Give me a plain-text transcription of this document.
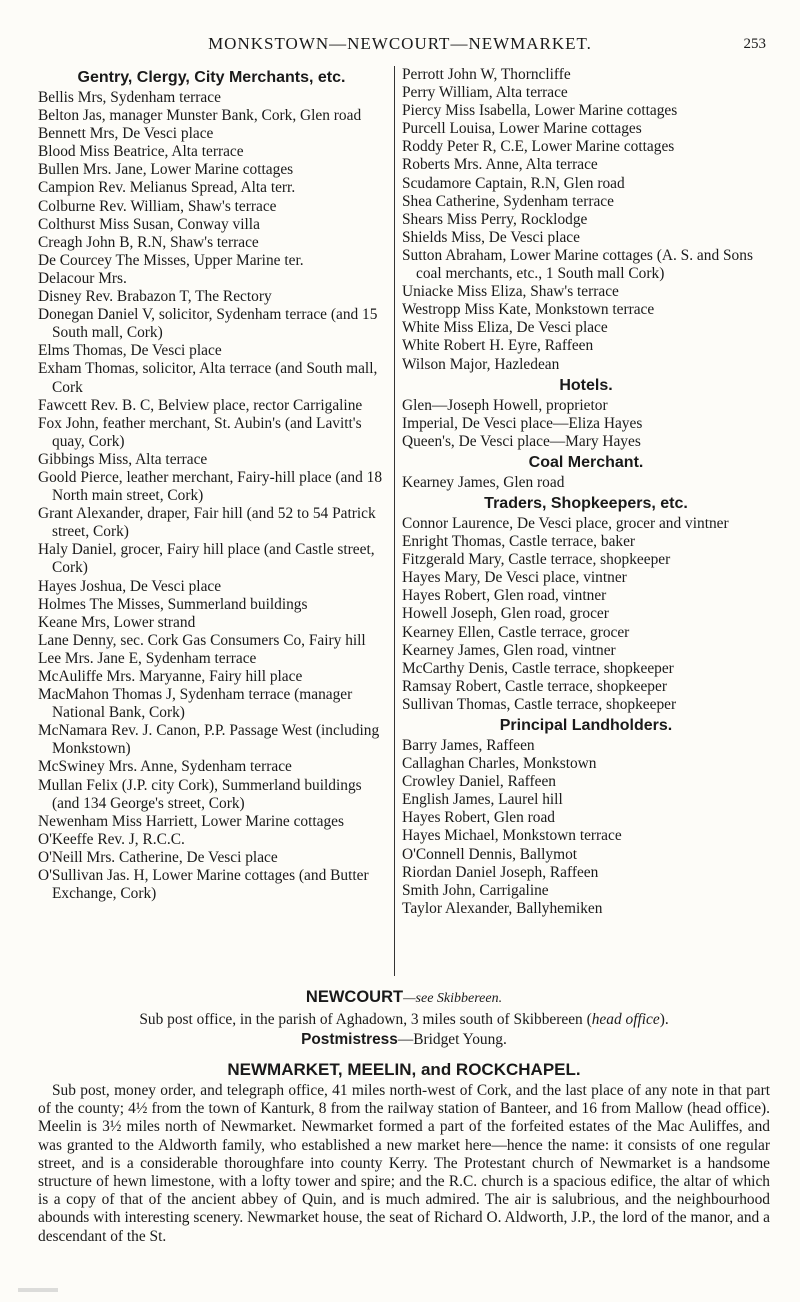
MONKSTOWN—NEWCOURT—NEWMARKET.	253
Gentry, Clergy, City Merchants, etc.
Bellis Mrs, Sydenham terrace
Belton Jas, manager Munster Bank, Cork, Glen road
Bennett Mrs, De Vesci place
Blood Miss Beatrice, Alta terrace
Bullen Mrs. Jane, Lower Marine cottages
Campion Rev. Melianus Spread, Alta terr.
Colburne Rev. William, Shaw's terrace
Colthurst Miss Susan, Conway villa
Creagh John B, R.N, Shaw's terrace
De Courcey The Misses, Upper Marine ter.
Delacour Mrs.
Disney Rev. Brabazon T, The Rectory
Donegan Daniel V, solicitor, Sydenham terrace (and 15 South mall, Cork)
Elms Thomas, De Vesci place
Exham Thomas, solicitor, Alta terrace (and South mall, Cork
Fawcett Rev. B. C, Belview place, rector Carrigaline
Fox John, feather merchant, St. Aubin's (and Lavitt's quay, Cork)
Gibbings Miss, Alta terrace
Goold Pierce, leather merchant, Fairy-hill place (and 18 North main street, Cork)
Grant Alexander, draper, Fair hill (and 52 to 54 Patrick street, Cork)
Haly Daniel, grocer, Fairy hill place (and Castle street, Cork)
Hayes Joshua, De Vesci place
Holmes The Misses, Summerland buildings
Keane Mrs, Lower strand
Lane Denny, sec. Cork Gas Consumers Co, Fairy hill
Lee Mrs. Jane E, Sydenham terrace
McAuliffe Mrs. Maryanne, Fairy hill place
MacMahon Thomas J, Sydenham terrace (manager National Bank, Cork)
McNamara Rev. J. Canon, P.P. Passage West (including Monkstown)
McSwiney Mrs. Anne, Sydenham terrace
Mullan Felix (J.P. city Cork), Summerland buildings (and 134 George's street, Cork)
Newenham Miss Harriett, Lower Marine cottages
O'Keeffe Rev. J, R.C.C.
O'Neill Mrs. Catherine, De Vesci place
O'Sullivan Jas. H, Lower Marine cottages (and Butter Exchange, Cork)
Perrott John W, Thorncliffe
Perry William, Alta terrace
Piercy Miss Isabella, Lower Marine cottages
Purcell Louisa, Lower Marine cottages
Roddy Peter R, C.E, Lower Marine cottages
Roberts Mrs. Anne, Alta terrace
Scudamore Captain, R.N, Glen road
Shea Catherine, Sydenham terrace
Shears Miss Perry, Rocklodge
Shields Miss, De Vesci place
Sutton Abraham, Lower Marine cottages (A. S. and Sons coal merchants, etc., 1 South mall Cork)
Uniacke Miss Eliza, Shaw's terrace
Westropp Miss Kate, Monkstown terrace
White Miss Eliza, De Vesci place
White Robert H. Eyre, Raffeen
Wilson Major, Hazledean
Hotels.
Glen—Joseph Howell, proprietor
Imperial, De Vesci place—Eliza Hayes
Queen's, De Vesci place—Mary Hayes
Coal Merchant.
Kearney James, Glen road
Traders, Shopkeepers, etc.
Connor Laurence, De Vesci place, grocer and vintner
Enright Thomas, Castle terrace, baker
Fitzgerald Mary, Castle terrace, shopkeeper
Hayes Mary, De Vesci place, vintner
Hayes Robert, Glen road, vintner
Howell Joseph, Glen road, grocer
Kearney Ellen, Castle terrace, grocer
Kearney James, Glen road, vintner
McCarthy Denis, Castle terrace, shopkeeper
Ramsay Robert, Castle terrace, shopkeeper
Sullivan Thomas, Castle terrace, shopkeeper
Principal Landholders.
Barry James, Raffeen
Callaghan Charles, Monkstown
Crowley Daniel, Raffeen
English James, Laurel hill
Hayes Robert, Glen road
Hayes Michael, Monkstown terrace
O'Connell Dennis, Ballymot
Riordan Daniel Joseph, Raffeen
Smith John, Carrigaline
Taylor Alexander, Ballyhemiken
NEWCOURT—see Skibbereen.
Sub post office, in the parish of Aghadown, 3 miles south of Skibbereen (head office).
Postmistress—Bridget Young.
NEWMARKET, MEELIN, and ROCKCHAPEL.

Sub post, money order, and telegraph office, 41 miles north-west of Cork, and the last place of any note in that part of the county; 4½ from the town of Kanturk, 8 from the railway station of Banteer, and 16 from Mallow (head office). Meelin is 3½ miles north of Newmarket. Newmarket formed a part of the forfeited estates of the Mac Auliffes, and was granted to the Aldworth family, who established a new market here—hence the name: it consists of one regular street, and is a considerable thoroughfare into county Kerry. The Protestant church of Newmarket is a handsome structure of hewn limestone, with a lofty tower and spire; and the R.C. church is a spacious edifice, the altar of which is a copy of that of the ancient abbey of Quin, and is much admired. The air is salubrious, and the neighbourhood abounds with interesting scenery. Newmarket house, the seat of Richard O. Aldworth, J.P., the lord of the manor, and a descendant of the St.
